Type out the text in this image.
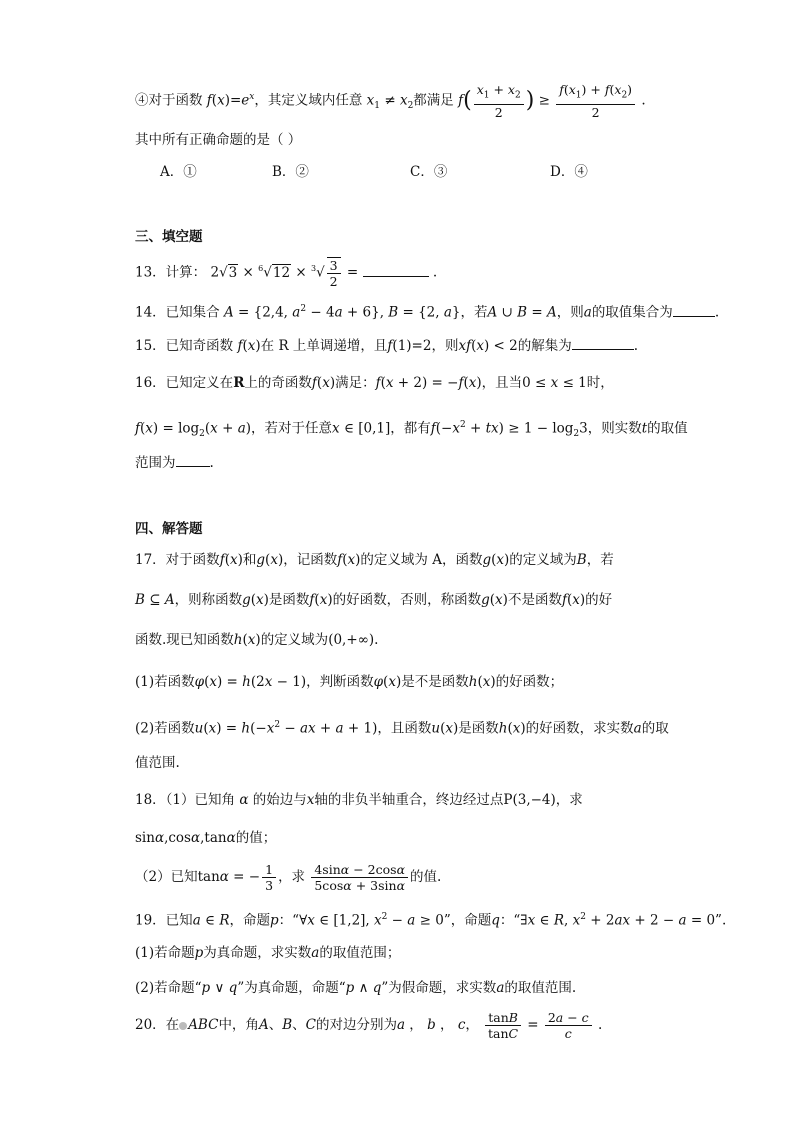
④对于函数 $f(x)=e^x$，其定义域内任意 $x_1 \ne x_2$都满足 $f( \frac{x_1 + x_2}{2}$ ) ≥ $\frac{f(x_1) + f(x_2)}{2}$ .
其中所有正确命题的是（ ）
A．①	B．②	C．③	D．④
三、填空题
13．计算： $2√3 \times ^6√12 \times ^3√ \frac{3}{2}$ =	.
14．已知集合 A = {2,4, $a^2 - 4a + 6$}, B = {2, a}，若A ∪ B = A，则a的取值集合为	.
15．已知奇函数 f(x)在 R 上单调递增，且f(1)=2，则xf(x) < 2的解集为	.
16．已知定义在R上的奇函数f(x)满足：f(x + 2) = −f(x)，且当0 ≤ x ≤ 1时，
$f(x) = \log_2(x + a)$，若对于任意x ∈ [0,1]，都有$f(-x^2 + tx) \ge 1 - \log_23$，则实数t的取值
范围为	.
四、解答题
17．对于函数f(x)和g(x)，记函数f(x)的定义域为 A，函数g(x)的定义域为B，若
B ⊆ A，则称函数g(x)是函数f(x)的好函数，否则，称函数g(x)不是函数f(x)的好
函数.现已知函数h(x)的定义域为(0,+∞).
(1)若函数φ(x) = h(2x − 1)，判断函数φ(x)是不是函数h(x)的好函数；
(2)若函数$u(x) = h(-x^2$ − ax + a + 1)，且函数u(x)是函数h(x)的好函数，求实数a的取
值范围.
18．（1）已知角 α 的始边与x轴的非负半轴重合，终边经过点P(3,−4)，求
sinα,cosα,tanα的值；
（2）已知tanα = − $\frac{1}{3}$ ，求 $\frac{4\sin\alpha - 2\cos\alpha}{5\cos\alpha + 3\sin\alpha}$ 的值.
19．已知a ∈ R，命题p：“∀x ∈ [1,2], $x^2 - a \ge 0$”，命题q：“∃x ∈ R, $x^2 + 2ax + 2 - a = 0$”.
(1)若命题p为真命题，求实数a的取值范围；
(2)若命题“p ∨ q”为真命题，命题“p ∧ q”为假命题，求实数a的取值范围.
20．在 ABC中，角A、B、C的对边分别为a ， b ， c， $\frac{\tan B}{\tan C} = \frac{2a - c}{c}$ .
